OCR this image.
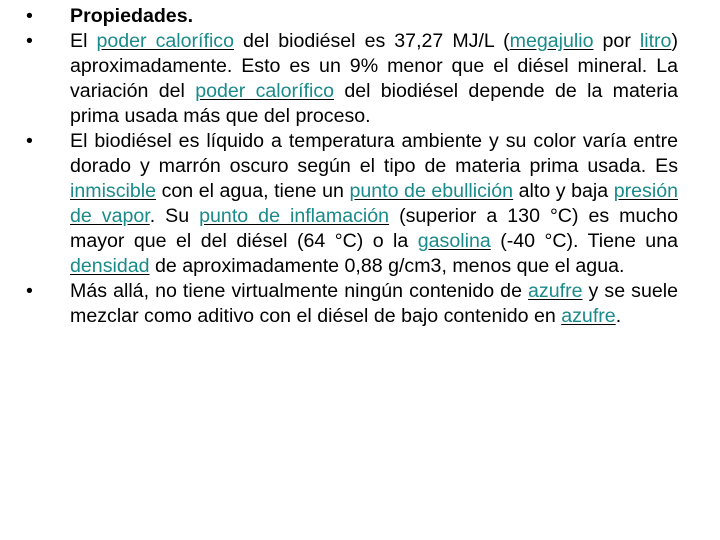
•	Propiedades.
•	El poder calorífico del biodiésel es 37,27 MJ/L (megajulio por litro) aproximadamente. Esto es un 9% menor que el diésel mineral. La variación del poder calorífico del biodiésel depende de la materia prima usada más que del proceso.
•	El biodiésel es líquido a temperatura ambiente y su color varía entre dorado y marrón oscuro según el tipo de materia prima usada. Es inmiscible con el agua, tiene un punto de ebullición alto y baja presión de vapor. Su punto de inflamación (superior a 130 °C) es mucho mayor que el del diésel (64 °C) o la gasolina (-40 °C). Tiene una densidad de aproximadamente 0,88 g/cm3, menos que el agua.
•	Más allá, no tiene virtualmente ningún contenido de azufre y se suele mezclar como aditivo con el diésel de bajo contenido en azufre.
